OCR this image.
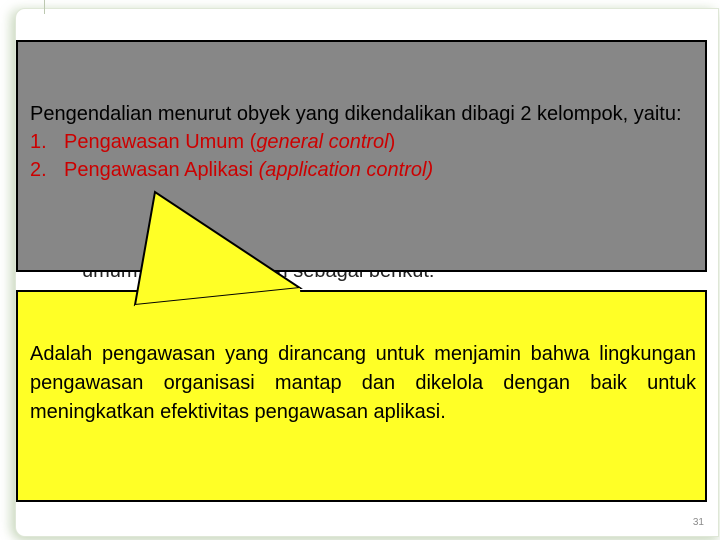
Pengendalian menurut obyek yang dikendalikan dibagi 2 kelompok, yaitu:
1. Pengawasan Umum (general control)
2. Pengawasan Aplikasi (application control)

Adalah pengawasan yang dirancang untuk menjamin bahwa lingkungan pengawasan organisasi mantap dan dikelola dengan baik untuk meningkatkan efektivitas pengawasan aplikasi.

31
